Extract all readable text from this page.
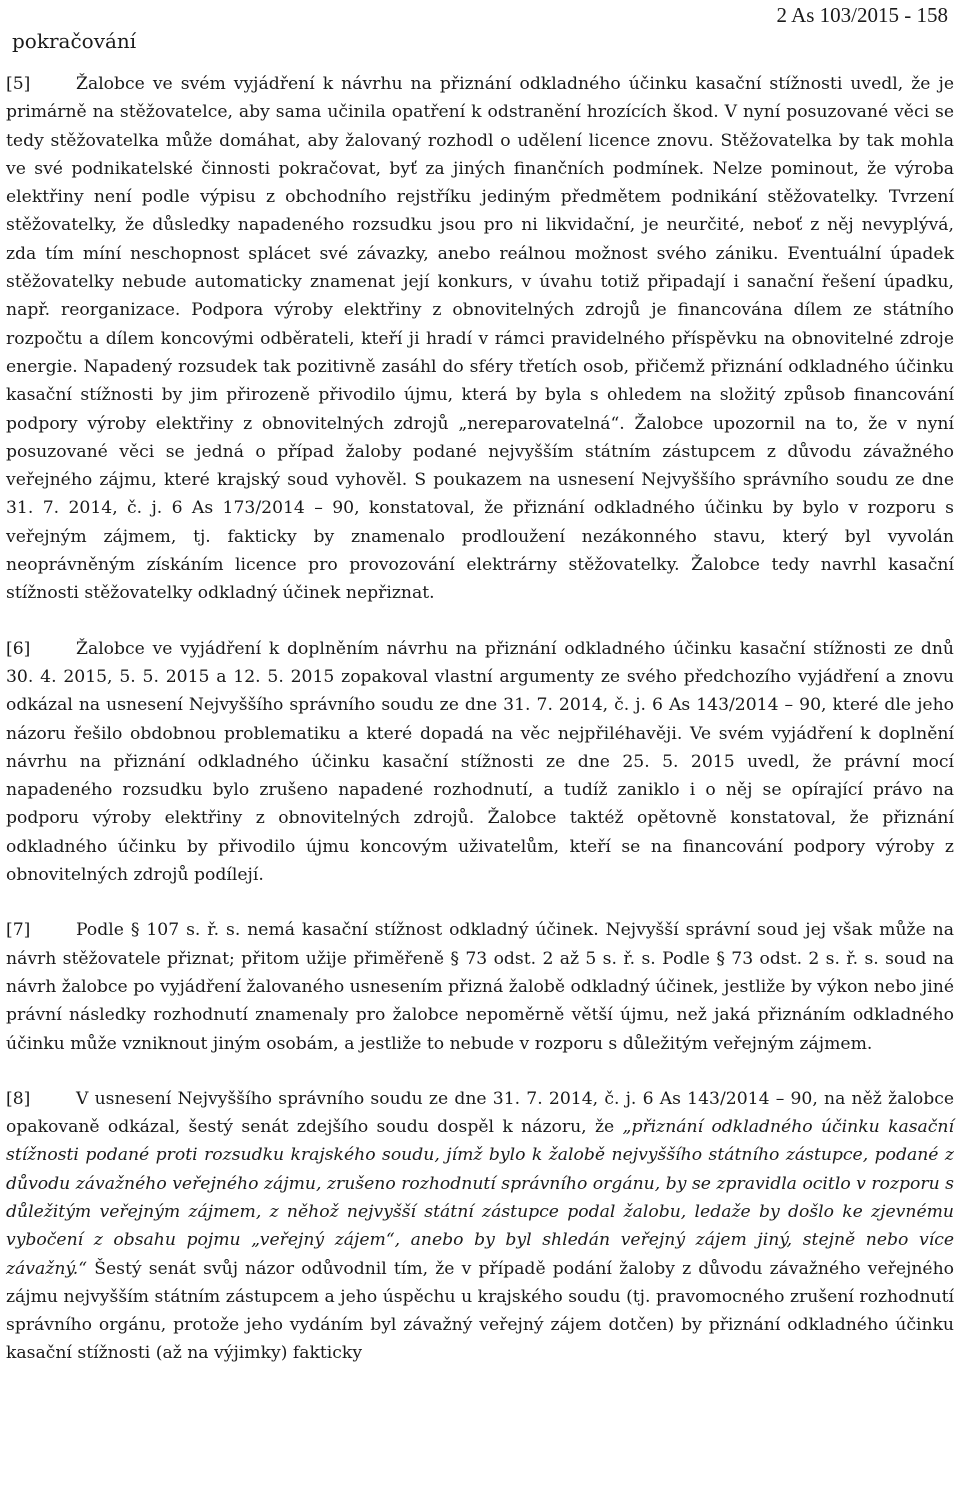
pokračování
2 As 103/2015 - 158

[5]	Žalobce ve svém vyjádření k návrhu na přiznání odkladného účinku kasační stížnosti uvedl, že je primárně na stěžovatelce, aby sama učinila opatření k odstranění hrozících škod. V nyní posuzované věci se tedy stěžovatelka může domáhat, aby žalovaný rozhodl o udělení licence znovu. Stěžovatelka by tak mohla ve své podnikatelské činnosti pokračovat, byť za jiných finančních podmínek. Nelze pominout, že výroba elektřiny není podle výpisu z obchodního rejstříku jediným předmětem podnikání stěžovatelky. Tvrzení stěžovatelky, že důsledky napadeného rozsudku jsou pro ni likvidační, je neurčité, neboť z něj nevyplývá, zda tím míní neschopnost splácet své závazky, anebo reálnou možnost svého zániku. Eventuální úpadek stěžovatelky nebude automaticky znamenat její konkurs, v úvahu totiž připadají i sanační řešení úpadku, např. reorganizace. Podpora výroby elektřiny z obnovitelných zdrojů je financována dílem ze státního rozpočtu a dílem koncovými odběrateli, kteří ji hradí v rámci pravidelného příspěvku na obnovitelné zdroje energie. Napadený rozsudek tak pozitivně zasáhl do sféry třetích osob, přičemž přiznání odkladného účinku kasační stížnosti by jim přirozeně přivodilo újmu, která by byla s ohledem na složitý způsob financování podpory výroby elektřiny z obnovitelných zdrojů „nereparovatelná“. Žalobce upozornil na to, že v nyní posuzované věci se jedná o případ žaloby podané nejvyšším státním zástupcem z důvodu závažného veřejného zájmu, které krajský soud vyhověl. S poukazem na usnesení Nejvyššího správního soudu ze dne 31. 7. 2014, č. j. 6 As 173/2014 – 90, konstatoval, že přiznání odkladného účinku by bylo v rozporu s veřejným zájmem, tj. fakticky by znamenalo prodloužení nezákonného stavu, který byl vyvolán neoprávněným získáním licence pro provozování elektrárny stěžovatelky. Žalobce tedy navrhl kasační stížnosti stěžovatelky odkladný účinek nepřiznat.

[6]	Žalobce ve vyjádření k doplněním návrhu na přiznání odkladného účinku kasační stížnosti ze dnů 30. 4. 2015, 5. 5. 2015 a 12. 5. 2015 zopakoval vlastní argumenty ze svého předchozího vyjádření a znovu odkázal na usnesení Nejvyššího správního soudu ze dne 31. 7. 2014, č. j. 6 As 143/2014 – 90, které dle jeho názoru řešilo obdobnou problematiku a které dopadá na věc nejpřiléhavěji. Ve svém vyjádření k doplnění návrhu na přiznání odkladného účinku kasační stížnosti ze dne 25. 5. 2015 uvedl, že právní mocí napadeného rozsudku bylo zrušeno napadené rozhodnutí, a tudíž zaniklo i o něj se opírající právo na podporu výroby elektřiny z obnovitelných zdrojů. Žalobce taktéž opětovně konstatoval, že přiznání odkladného účinku by přivodilo újmu koncovým uživatelům, kteří se na financování podpory výroby z obnovitelných zdrojů podílejí.

[7]	Podle § 107 s. ř. s. nemá kasační stížnost odkladný účinek. Nejvyšší správní soud jej však může na návrh stěžovatele přiznat; přitom užije přiměřeně § 73 odst. 2 až 5 s. ř. s. Podle § 73 odst. 2 s. ř. s. soud na návrh žalobce po vyjádření žalovaného usnesením přizná žalobě odkladný účinek, jestliže by výkon nebo jiné právní následky rozhodnutí znamenaly pro žalobce nepoměrně větší újmu, než jaká přiznáním odkladného účinku může vzniknout jiným osobám, a jestliže to nebude v rozporu s důležitým veřejným zájmem.

[8]	V usnesení Nejvyššího správního soudu ze dne 31. 7. 2014, č. j. 6 As 143/2014 – 90, na něž žalobce opakovaně odkázal, šestý senát zdejšího soudu dospěl k názoru, že „přiznání odkladného účinku kasační stížnosti podané proti rozsudku krajského soudu, jímž bylo k žalobě nejvyššího státního zástupce, podané z důvodu závažného veřejného zájmu, zrušeno rozhodnutí správního orgánu, by se zpravidla ocitlo v rozporu s důležitým veřejným zájmem, z něhož nejvyšší státní zástupce podal žalobu, ledaže by došlo ke zjevnému vybočení z obsahu pojmu „veřejný zájem“, anebo by byl shledán veřejný zájem jiný, stejně nebo více závažný.“ Šestý senát svůj názor odůvodnil tím, že v případě podání žaloby z důvodu závažného veřejného zájmu nejvyšším státním zástupcem a jeho úspěchu u krajského soudu (tj. pravomocného zrušení rozhodnutí správního orgánu, protože jeho vydáním byl závažný veřejný zájem dotčen) by přiznání odkladného účinku kasační stížnosti (až na výjimky) fakticky
